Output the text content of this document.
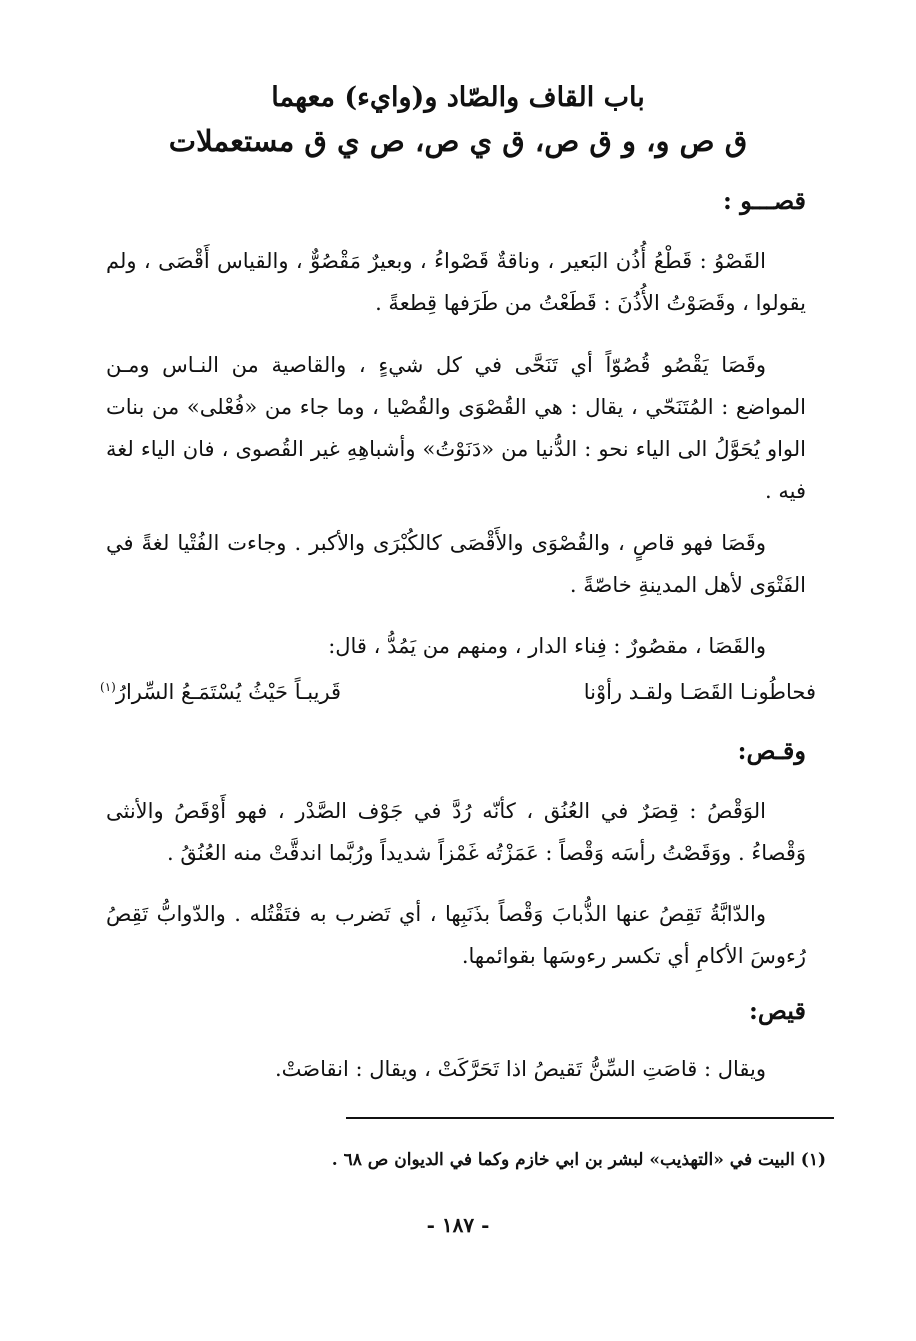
باب القاف والصّاد و(وايء) معهما
ق ص و، و ق ص، ق ي ص، ص ي ق مستعملات
قصـــو :
القَصْوُ : قَطْعُ أُذُن البَعير ، وناقةٌ قَصْواءُ ، وبعيرٌ مَقْصُوٌّ ، والقياس أَقْصَى ، ولم يقولوا ، وقَصَوْتُ الأُذُنَ : قَطَعْتُ من طَرَفها قِطعةً .
وقَصَا يَقْصُو قُصُوّاً أي تَنَحَّى في كل شيءٍ ، والقاصية من النـاس ومـن المواضع : المُتَنَحّي ، يقال : هي القُصْوَى والقُصْيا ، وما جاء من «فُعْلى» من بنات الواو يُحَوَّلُ الى الياء نحو : الدُّنيا من «دَنَوْتُ» وأشباهِهِ غير القُصوى ، فان الياء لغة فيه .
وقَصَا فهو قاصٍ ، والقُصْوَى والأَقْصَى كالكُبْرَى والأكبر . وجاءت الفُتْيا لغةً في الفَتْوَى لأهل المدينةِ خاصّةً .
والقَصَا ، مقصُورٌ : فِناء الدار ، ومنهم من يَمُدُّ ، قال:
فحاطُونـا القَصَـا ولقـد رأوْنا
قَريبـاً حَيْثُ يُسْتَمَـعُ السِّرارُ$^{(١)}$
وقـص:
الوَقْصُ : قِصَرٌ في العُنُق ، كأنّه رُدَّ في جَوْف الصَّدْر ، فهو أَوْقَصُ والأنثى وَقْصاءُ . ووَقَصْتُ رأسَه وَقْصاً : عَمَزْتُه غَمْزاً شديداً ورُبَّما اندقَّتْ منه العُنُقُ .
والدّابَّةُ تَقِصُ عنها الذُّبابَ وَقْصاً بذَنَبِها ، أي تَضرب به فتَقْتُله . والدّوابُّ تَقِصُ رُءوسَ الأكامِ أي تكسر رءوسَها بقوائمها.
قيص:
ويقال : قاصَتِ السِّنُّ تَقيصُ اذا تَحَرَّكَتْ ، ويقال : انقاصَتْ.
(١) البيت في «التهذيب» لبشر بن ابي خازم وكما في الديوان ص ٦٨ .
- ١٨٧ -
